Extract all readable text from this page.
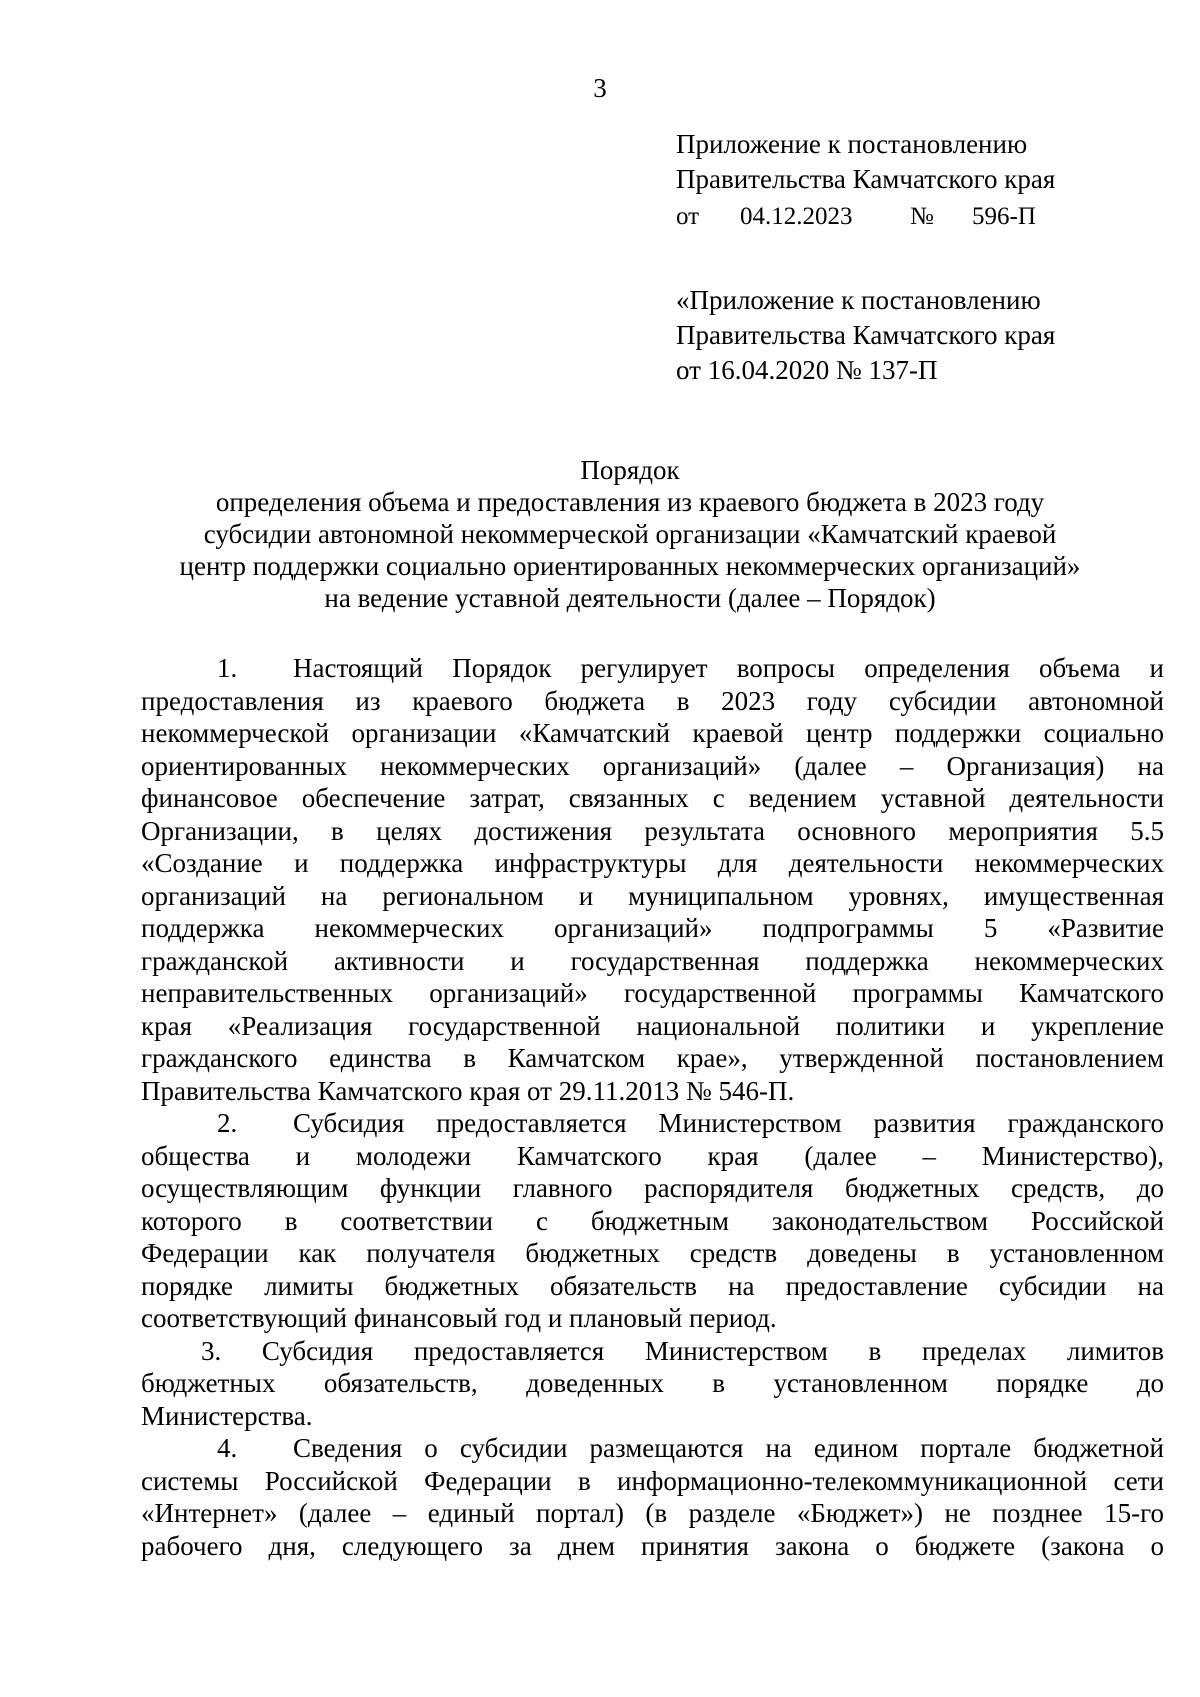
3
Приложение к постановлению
Правительства Камчатского края
от 04.12.2023 № 596-П
«Приложение к постановлению
Правительства Камчатского края
от 16.04.2020 № 137-П
Порядок
определения объема и предоставления из краевого бюджета в 2023 году
субсидии автономной некоммерческой организации «Камчатский краевой
центр поддержки социально ориентированных некоммерческих организаций»
на ведение уставной деятельности (далее – Порядок)
1. Настоящий Порядок регулирует вопросы определения объема и
предоставления из краевого бюджета в 2023 году субсидии автономной
некоммерческой организации «Камчатский краевой центр поддержки социально
ориентированных некоммерческих организаций» (далее – Организация) на
финансовое обеспечение затрат, связанных с ведением уставной деятельности
Организации, в целях достижения результата основного мероприятия 5.5
«Создание и поддержка инфраструктуры для деятельности некоммерческих
организаций на региональном и муниципальном уровнях, имущественная
поддержка некоммерческих организаций» подпрограммы 5 «Развитие
гражданской активности и государственная поддержка некоммерческих
неправительственных организаций» государственной программы Камчатского
края «Реализация государственной национальной политики и укрепление
гражданского единства в Камчатском крае», утвержденной постановлением
Правительства Камчатского края от 29.11.2013 № 546-П.
2. Субсидия предоставляется Министерством развития гражданского
общества и молодежи Камчатского края (далее – Министерство),
осуществляющим функции главного распорядителя бюджетных средств, до
которого в соответствии с бюджетным законодательством Российской
Федерации как получателя бюджетных средств доведены в установленном
порядке лимиты бюджетных обязательств на предоставление субсидии на
соответствующий финансовый год и плановый период.
3. Субсидия предоставляется Министерством в пределах лимитов
бюджетных обязательств, доведенных в установленном порядке до
Министерства.
4. Сведения о субсидии размещаются на едином портале бюджетной
системы Российской Федерации в информационно-телекоммуникационной сети
«Интернет» (далее – единый портал) (в разделе «Бюджет») не позднее 15-го
рабочего дня, следующего за днем принятия закона о бюджете (закона о
